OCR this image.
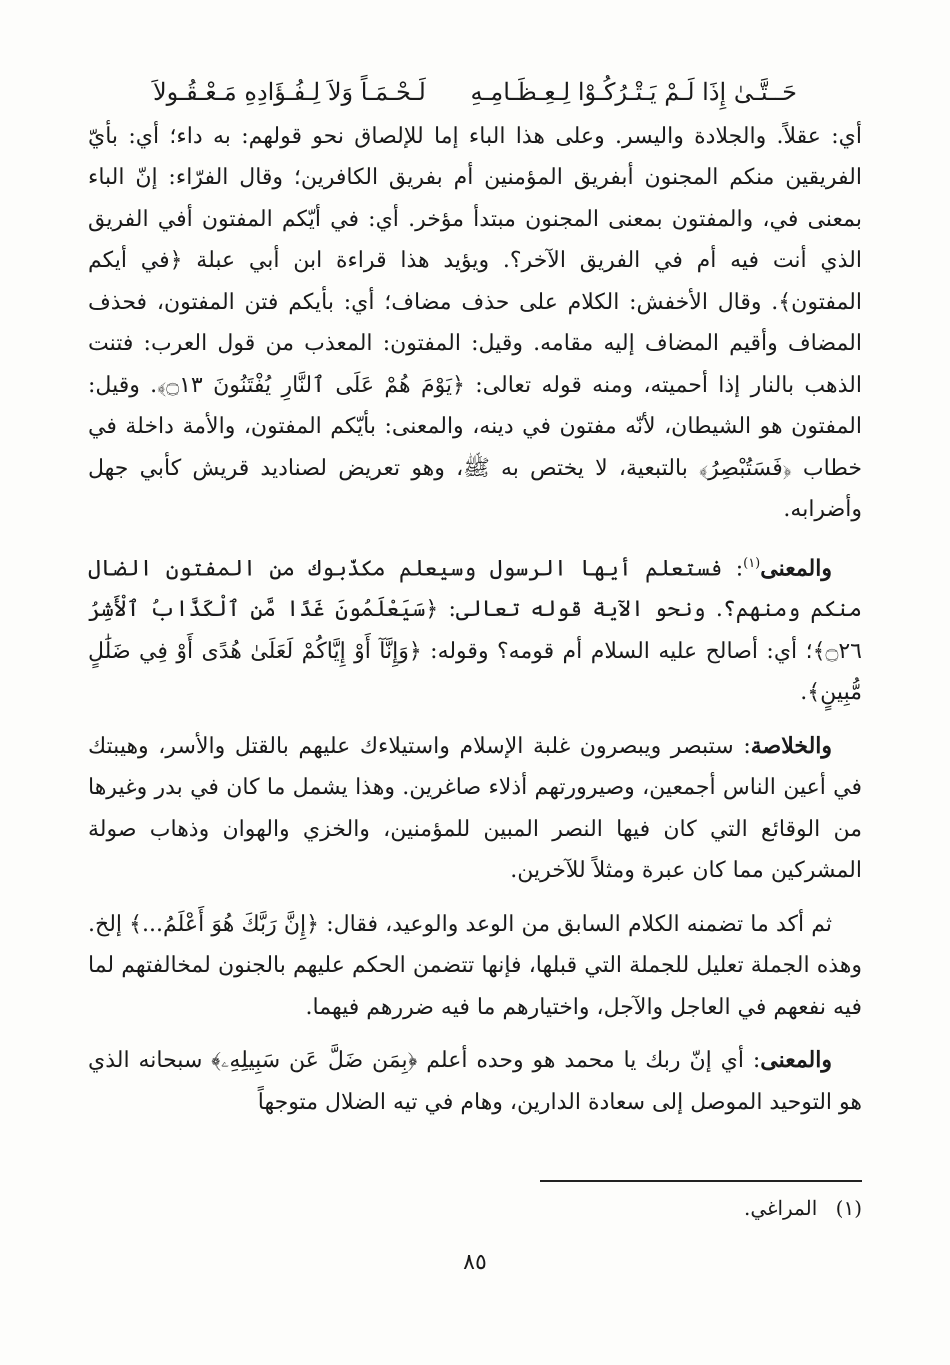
حَــتَّـىٰ إِذَا لَـمْ يَـتْـرُكُـوْا لِـعِـظَـامِـهِ لَـحْـمَـاً وَلاَ لِـفُـؤَادِهِ مَـعْـقُـولاَ

أي: عقلاً. والجلادة واليسر. وعلى هذا الباء إما للإلصاق نحو قولهم: به داء؛ أي: بأيّ الفريقين منكم المجنون أبفريق المؤمنين أم بفريق الكافرين؛ وقال الفرّاء: إنّ الباء بمعنى في، والمفتون بمعنى المجنون مبتدأ مؤخر. أي: في أيّكم المفتون أفي الفريق الذي أنت فيه أم في الفريق الآخر؟. ويؤيد هذا قراءة ابن أبي عبلة ﴿في أيكم المفتون﴾. وقال الأخفش: الكلام على حذف مضاف؛ أي: بأيكم فتن المفتون، فحذف المضاف وأقيم المضاف إليه مقامه. وقيل: المفتون: المعذب من قول العرب: فتنت الذهب بالنار إذا أحميته، ومنه قوله تعالى: ﴿يَوْمَ هُمْ عَلَى ٱلنَّارِ يُفْتَنُونَ ۝١٣﴾. وقيل: المفتون هو الشيطان، لأنّه مفتون في دينه، والمعنى: بأيّكم المفتون، والأمة داخلة في خطاب ﴿فَسَتُبْصِرُ﴾ بالتبعية، لا يختص به ﷺ، وهو تعريض لصناديد قريش كأبي جهل وأضرابه.

والمعنى$^{(١)}$: فستعلم أيها الرسول وسيعلم مكذّبوك من المفتون الضال منكم ومنهم؟. ونحو الآية قوله تعالى: ﴿سَيَعْلَمُونَ غَدًا مَّنِ ٱلْكَذَّابُ ٱلْأَشِرُ ۝٢٦﴾؛ أي: أصالح عليه السلام أم قومه؟ وقوله: ﴿وَإِنَّآ أَوْ إِيَّاكُمْ لَعَلَىٰ هُدًى أَوْ فِي ضَلَٰلٍ مُّبِينٍ﴾.

والخلاصة: ستبصر ويبصرون غلبة الإسلام واستيلاءك عليهم بالقتل والأسر، وهيبتك في أعين الناس أجمعين، وصيرورتهم أذلاء صاغرين. وهذا يشمل ما كان في بدر وغيرها من الوقائع التي كان فيها النصر المبين للمؤمنين، والخزي والهوان وذهاب صولة المشركين مما كان عبرة ومثلاً للآخرين.

ثم أكد ما تضمنه الكلام السابق من الوعد والوعيد، فقال: ﴿إِنَّ رَبَّكَ هُوَ أَعْلَمُ...﴾ إلخ. وهذه الجملة تعليل للجملة التي قبلها، فإنها تتضمن الحكم عليهم بالجنون لمخالفتهم لما فيه نفعهم في العاجل والآجل، واختيارهم ما فيه ضررهم فيهما.

والمعنى: أي إنّ ربك يا محمد هو وحده أعلم ﴿بِمَن ضَلَّ عَن سَبِيلِهِۦ﴾ سبحانه الذي هو التوحيد الموصل إلى سعادة الدارين، وهام في تيه الضلال متوجهاً

(١) المراغي.
٨٥
